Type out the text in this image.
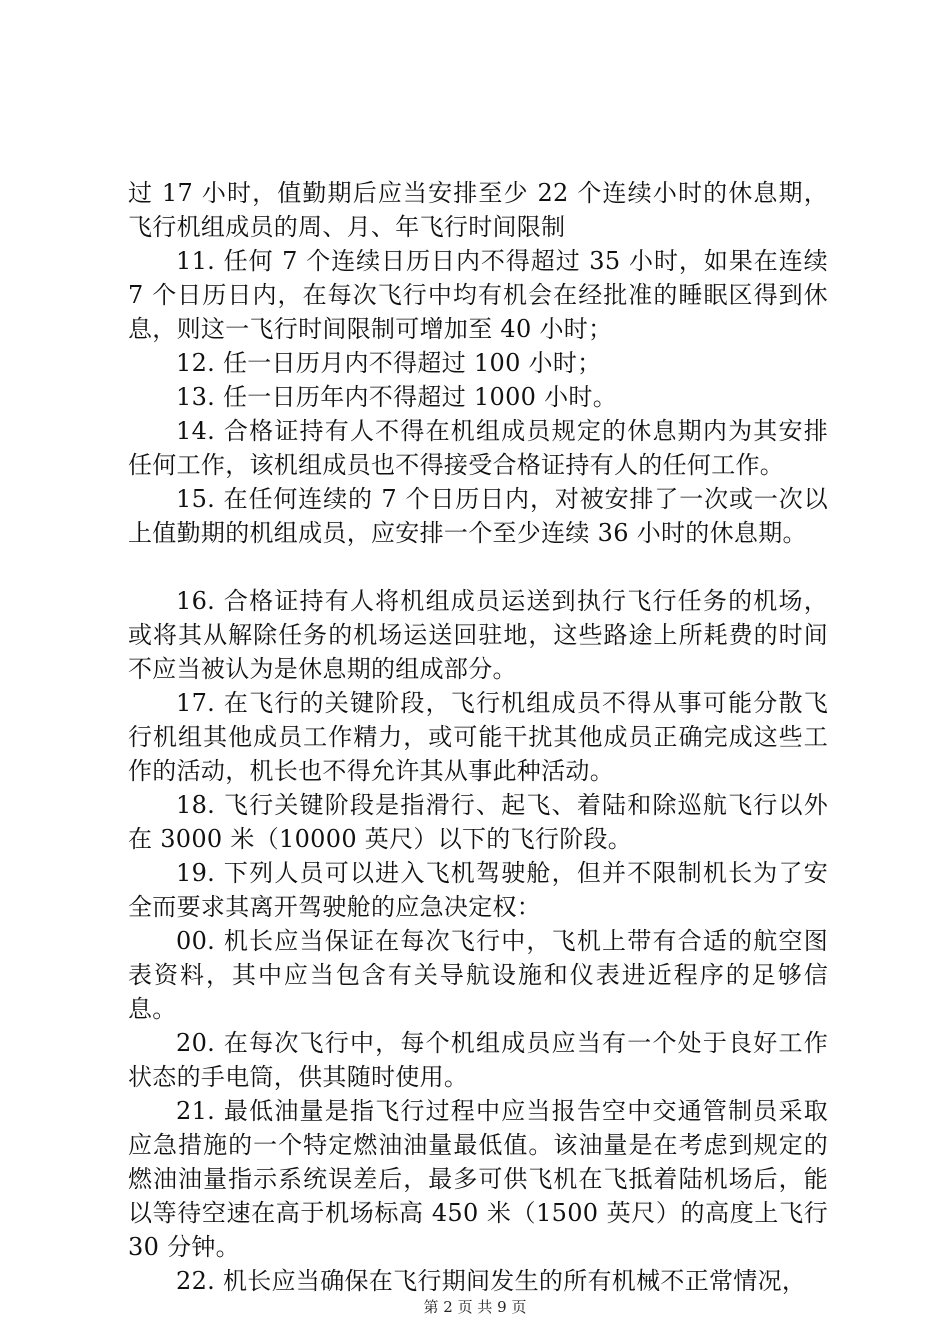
过 17 小时，值勤期后应当安排至少 22 个连续小时的休息期，飞行机组成员的周、月、年飞行时间限制

11. 任何 7 个连续日历日内不得超过 35 小时，如果在连续 7 个日历日内，在每次飞行中均有机会在经批准的睡眠区得到休息，则这一飞行时间限制可增加至 40 小时；

12. 任一日历月内不得超过 100 小时；

13. 任一日历年内不得超过 1000 小时。

14. 合格证持有人不得在机组成员规定的休息期内为其安排任何工作，该机组成员也不得接受合格证持有人的任何工作。

15. 在任何连续的 7 个日历日内，对被安排了一次或一次以上值勤期的机组成员，应安排一个至少连续 36 小时的休息期。

16. 合格证持有人将机组成员运送到执行飞行任务的机场，或将其从解除任务的机场运送回驻地，这些路途上所耗费的时间不应当被认为是休息期的组成部分。

17. 在飞行的关键阶段，飞行机组成员不得从事可能分散飞行机组其他成员工作精力，或可能干扰其他成员正确完成这些工作的活动，机长也不得允许其从事此种活动。

18. 飞行关键阶段是指滑行、起飞、着陆和除巡航飞行以外在 3000 米（10000 英尺）以下的飞行阶段。

19. 下列人员可以进入飞机驾驶舱，但并不限制机长为了安全而要求其离开驾驶舱的应急决定权：

00. 机长应当保证在每次飞行中，飞机上带有合适的航空图表资料，其中应当包含有关导航设施和仪表进近程序的足够信息。

20. 在每次飞行中，每个机组成员应当有一个处于良好工作状态的手电筒，供其随时使用。

21. 最低油量是指飞行过程中应当报告空中交通管制员采取应急措施的一个特定燃油油量最低值。该油量是在考虑到规定的燃油油量指示系统误差后，最多可供飞机在飞抵着陆机场后，能以等待空速在高于机场标高 450 米（1500 英尺）的高度上飞行 30 分钟。

22. 机长应当确保在飞行期间发生的所有机械不正常情况，

第 2 页 共 9 页
